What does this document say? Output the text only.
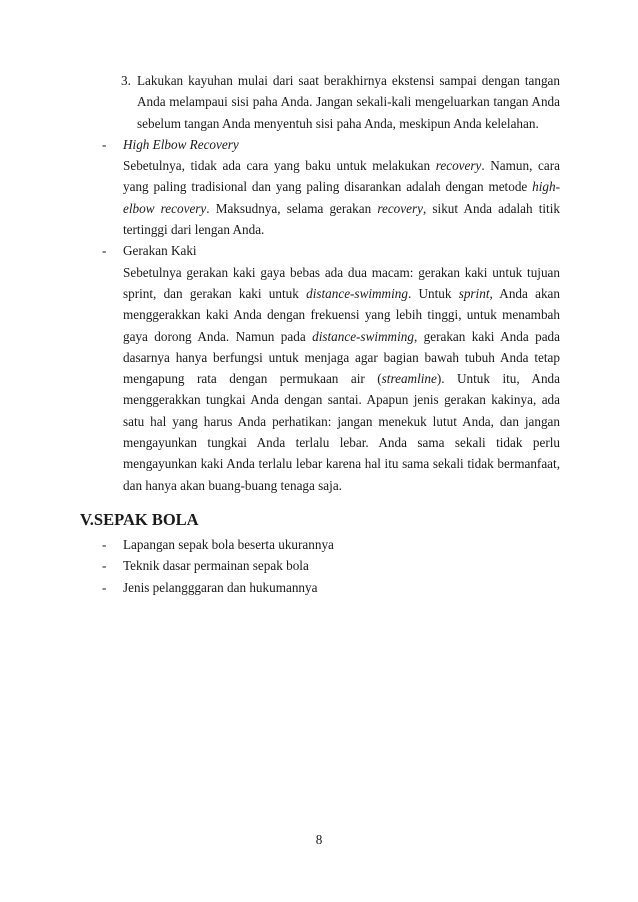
3. Lakukan kayuhan mulai dari saat berakhirnya ekstensi sampai dengan tangan Anda melampaui sisi paha Anda. Jangan sekali-kali mengeluarkan tangan Anda sebelum tangan Anda menyentuh sisi paha Anda, meskipun Anda kelelahan.
- High Elbow Recovery
Sebetulnya, tidak ada cara yang baku untuk melakukan recovery. Namun, cara yang paling tradisional dan yang paling disarankan adalah dengan metode high-elbow recovery. Maksudnya, selama gerakan recovery, sikut Anda adalah titik tertinggi dari lengan Anda.
- Gerakan Kaki
Sebetulnya gerakan kaki gaya bebas ada dua macam: gerakan kaki untuk tujuan sprint, dan gerakan kaki untuk distance-swimming. Untuk sprint, Anda akan menggerakkan kaki Anda dengan frekuensi yang lebih tinggi, untuk menambah gaya dorong Anda. Namun pada distance-swimming, gerakan kaki Anda pada dasarnya hanya berfungsi untuk menjaga agar bagian bawah tubuh Anda tetap mengapung rata dengan permukaan air (streamline). Untuk itu, Anda menggerakkan tungkai Anda dengan santai. Apapun jenis gerakan kakinya, ada satu hal yang harus Anda perhatikan: jangan menekuk lutut Anda, dan jangan mengayunkan tungkai Anda terlalu lebar. Anda sama sekali tidak perlu mengayunkan kaki Anda terlalu lebar karena hal itu sama sekali tidak bermanfaat, dan hanya akan buang-buang tenaga saja.
V.SEPAK BOLA
- Lapangan sepak bola beserta ukurannya
- Teknik dasar permainan sepak bola
- Jenis pelangggaran dan hukumannya
8
